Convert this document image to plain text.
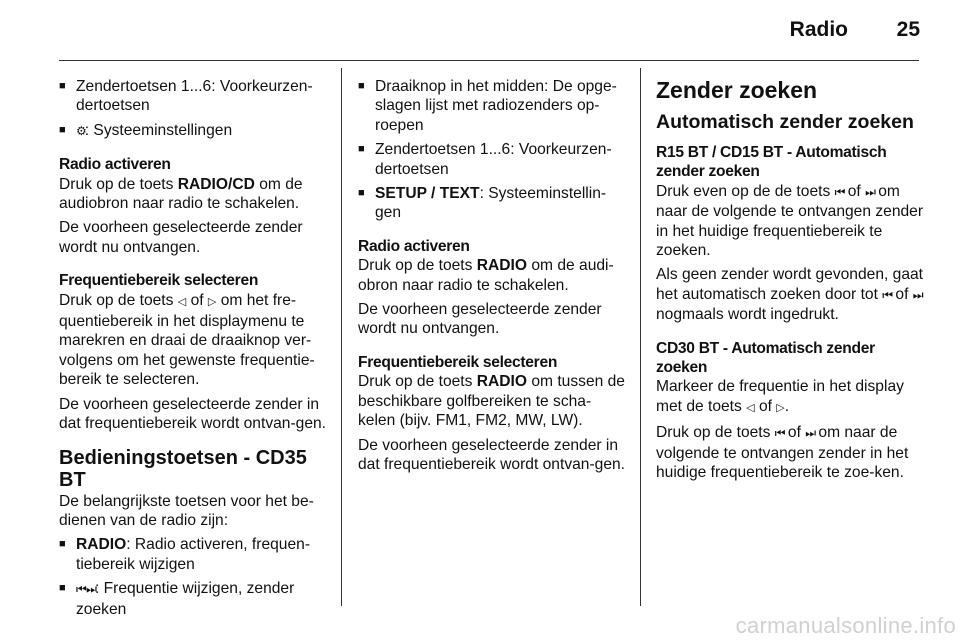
Radio 25
■ Zendertoetsen 1...6: Voorkeurzen-dertoetsen
■ ⚙: Systeeminstellingen
Radio activeren

Druk op de toets RADIO/CD om de audiobron naar radio te schakelen.

De voorheen geselecteerde zender wordt nu ontvangen.

Frequentiebereik selecteren

Druk op de toets ◁ of ▷ om het fre-quentiebereik in het displaymenu te marekren en draai de draaiknop ver-volgens om het gewenste frequentie-bereik te selecteren.

De voorheen geselecteerde zender in dat frequentiebereik wordt ontvan-gen.

Bedieningstoetsen - CD35 BT

De belangrijkste toetsen voor het be-dienen van de radio zijn:

■ RADIO: Radio activeren, frequen-tiebereik wijzigen
■ ⏮ ⏭: Frequentie wijzigen, zender zoeken
■ Draaiknop in het midden: De opge-slagen lijst met radiozenders op-roepen
■ Zendertoetsen 1...6: Voorkeurzen-dertoetsen
■ SETUP / TEXT: Systeeminstellin-gen
Radio activeren

Druk op de toets RADIO om de audi-obron naar radio te schakelen.

De voorheen geselecteerde zender wordt nu ontvangen.

Frequentiebereik selecteren

Druk op de toets RADIO om tussen de beschikbare golfbereiken te scha-kelen (bijv. FM1, FM2, MW, LW).

De voorheen geselecteerde zender in dat frequentiebereik wordt ontvan-gen.

Zender zoeken
Automatisch zender zoeken
R15 BT / CD15 BT - Automatisch zender zoeken

Druk even op de de toets ⏮ of ⏭ om naar de volgende te ontvangen zender in het huidige frequentiebereik te zoeken.

Als geen zender wordt gevonden, gaat het automatisch zoeken door tot ⏮ of ⏭ nogmaals wordt ingedrukt.

CD30 BT - Automatisch zender zoeken

Markeer de frequentie in het display met de toets ◁ of ▷.

Druk op de toets ⏮ of ⏭ om naar de volgende te ontvangen zender in het huidige frequentiebereik te zoe-ken.

carmanualsonline.info
